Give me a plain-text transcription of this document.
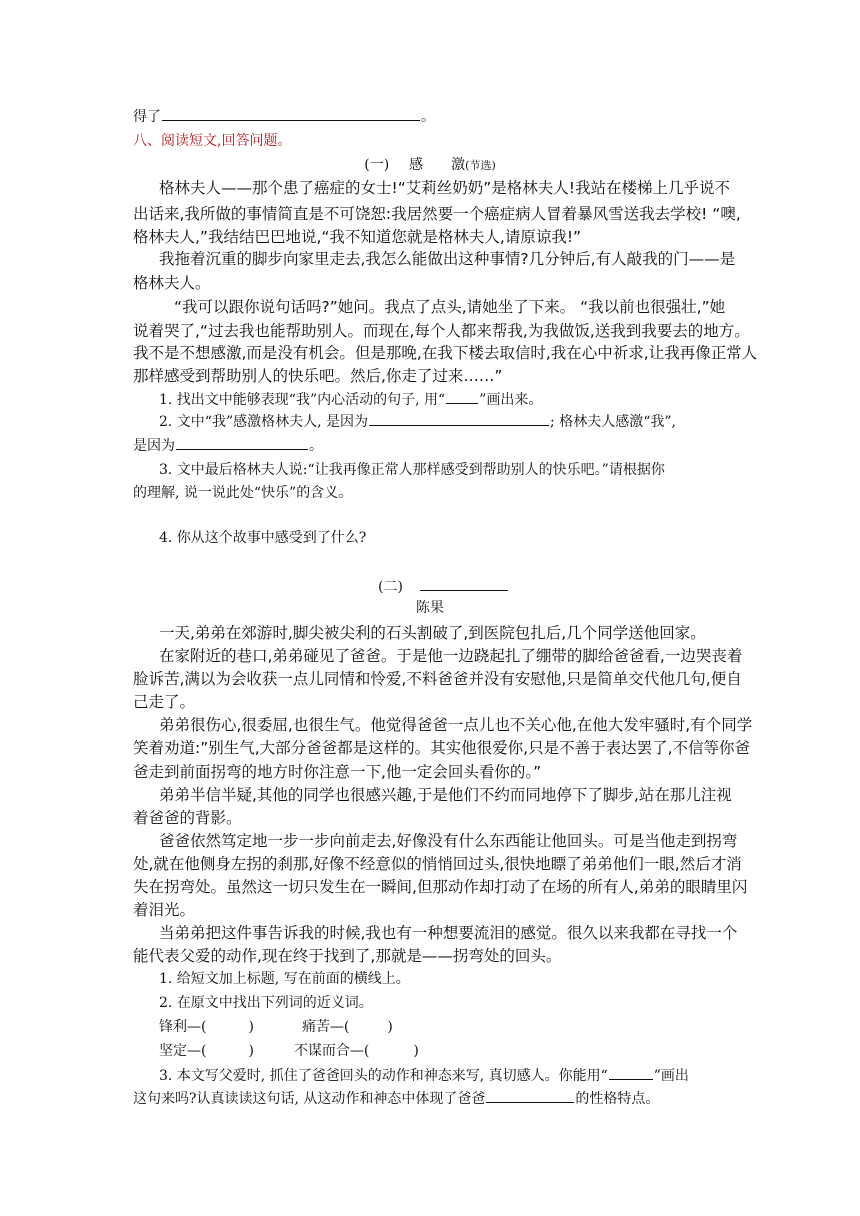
得了	。
八、阅读短文,回答问题。
(一) 感 激(节选)
格林夫人——那个患了癌症的女士!“艾莉丝奶奶”是格林夫人!我站在楼梯上几乎说不
出话来,我所做的事情简直是不可饶恕:我居然要一个癌症病人冒着暴风雪送我去学校! “噢,
格林夫人,”我结结巴巴地说,“我不知道您就是格林夫人,请原谅我!”
我拖着沉重的脚步向家里走去,我怎么能做出这种事情?几分钟后,有人敲我的门——是
格林夫人。
“我可以跟你说句话吗?”她问。我点了点头,请她坐了下来。 “我以前也很强壮,”她
说着哭了,“过去我也能帮助别人。而现在,每个人都来帮我,为我做饭,送我到我要去的地方。
我不是不想感激,而是没有机会。但是那晚,在我下楼去取信时,我在心中祈求,让我再像正常人
那样感受到帮助别人的快乐吧。然后,你走了过来……”
1. 找出文中能够表现“我”内心活动的句子, 用“ ”画出来。
2. 文中“我”感激格林夫人, 是因为	; 格林夫人感激“我”,
是因为	。
3. 文中最后格林夫人说:“让我再像正常人那样感受到帮助别人的快乐吧。”请根据你
的理解, 说一说此处“快乐”的含义。
4. 你从这个故事中感受到了什么?
(二)
陈果
一天,弟弟在郊游时,脚尖被尖利的石头割破了,到医院包扎后,几个同学送他回家。
在家附近的巷口,弟弟碰见了爸爸。于是他一边跷起扎了绷带的脚给爸爸看,一边哭丧着
脸诉苦,满以为会收获一点儿同情和怜爱,不料爸爸并没有安慰他,只是简单交代他几句,便自
己走了。
弟弟很伤心,很委屈,也很生气。他觉得爸爸一点儿也不关心他,在他大发牢骚时,有个同学
笑着劝道:”别生气,大部分爸爸都是这样的。其实他很爱你,只是不善于表达罢了,不信等你爸
爸走到前面拐弯的地方时你注意一下,他一定会回头看你的。”
弟弟半信半疑,其他的同学也很感兴趣,于是他们不约而同地停下了脚步,站在那儿注视
着爸爸的背影。
爸爸依然笃定地一步一步向前走去,好像没有什么东西能让他回头。可是当他走到拐弯
处,就在他侧身左拐的刹那,好像不经意似的悄悄回过头,很快地瞟了弟弟他们一眼,然后才消
失在拐弯处。虽然这一切只发生在一瞬间,但那动作却打动了在场的所有人,弟弟的眼睛里闪
着泪光。
当弟弟把这件事告诉我的时候,我也有一种想要流泪的感觉。很久以来我都在寻找一个
能代表父爱的动作,现在终于找到了,那就是——拐弯处的回头。
1. 给短文加上标题, 写在前面的横线上。
2. 在原文中找出下列词的近义词。
锋利—(	)	痛苦—(	)
坚定—(	)	不谋而合—(	)
3. 本文写父爱时, 抓住了爸爸回头的动作和神态来写, 真切感人。你能用“	”画出
这句来吗?认真读读这句话, 从这动作和神态中体现了爸爸	的性格特点。
